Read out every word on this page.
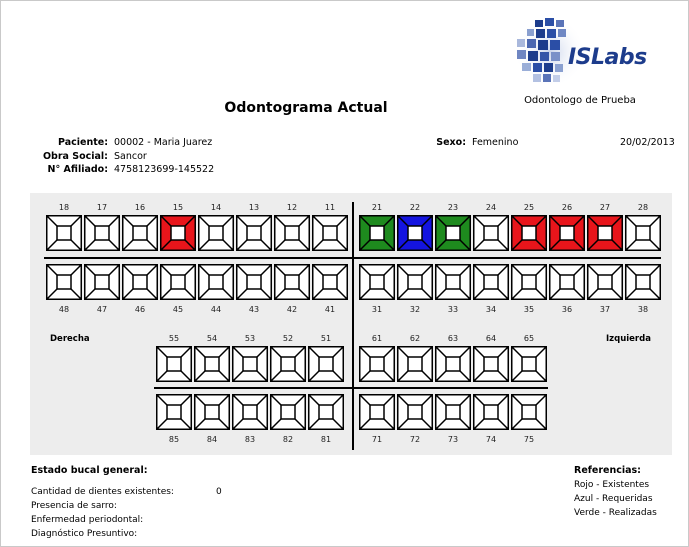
ISLabs
Odontologo de Prueba
Odontograma Actual
Paciente: 00002 - Maria Juarez
Obra Social: Sancor
N° Afiliado: 4758123699-145522
Sexo: Femenino	20/02/2013
18	17	16	15	14	13	12	11	21	22	23	24	25	26	27	28
48	47	46	45	44	43	42	41	31	32	33	34	35	36	37	38
55	54	53	52	51	61	62	63	64	65
85	84	83	82	81	71	72	73	74	75
Derecha	Izquierda
Estado bucal general:
Cantidad de dientes existentes:	0
Presencia de sarro:
Enfermedad periodontal:
Diagnóstico Presuntivo:
Referencias:
Rojo - Existentes
Azul - Requeridas
Verde - Realizadas
